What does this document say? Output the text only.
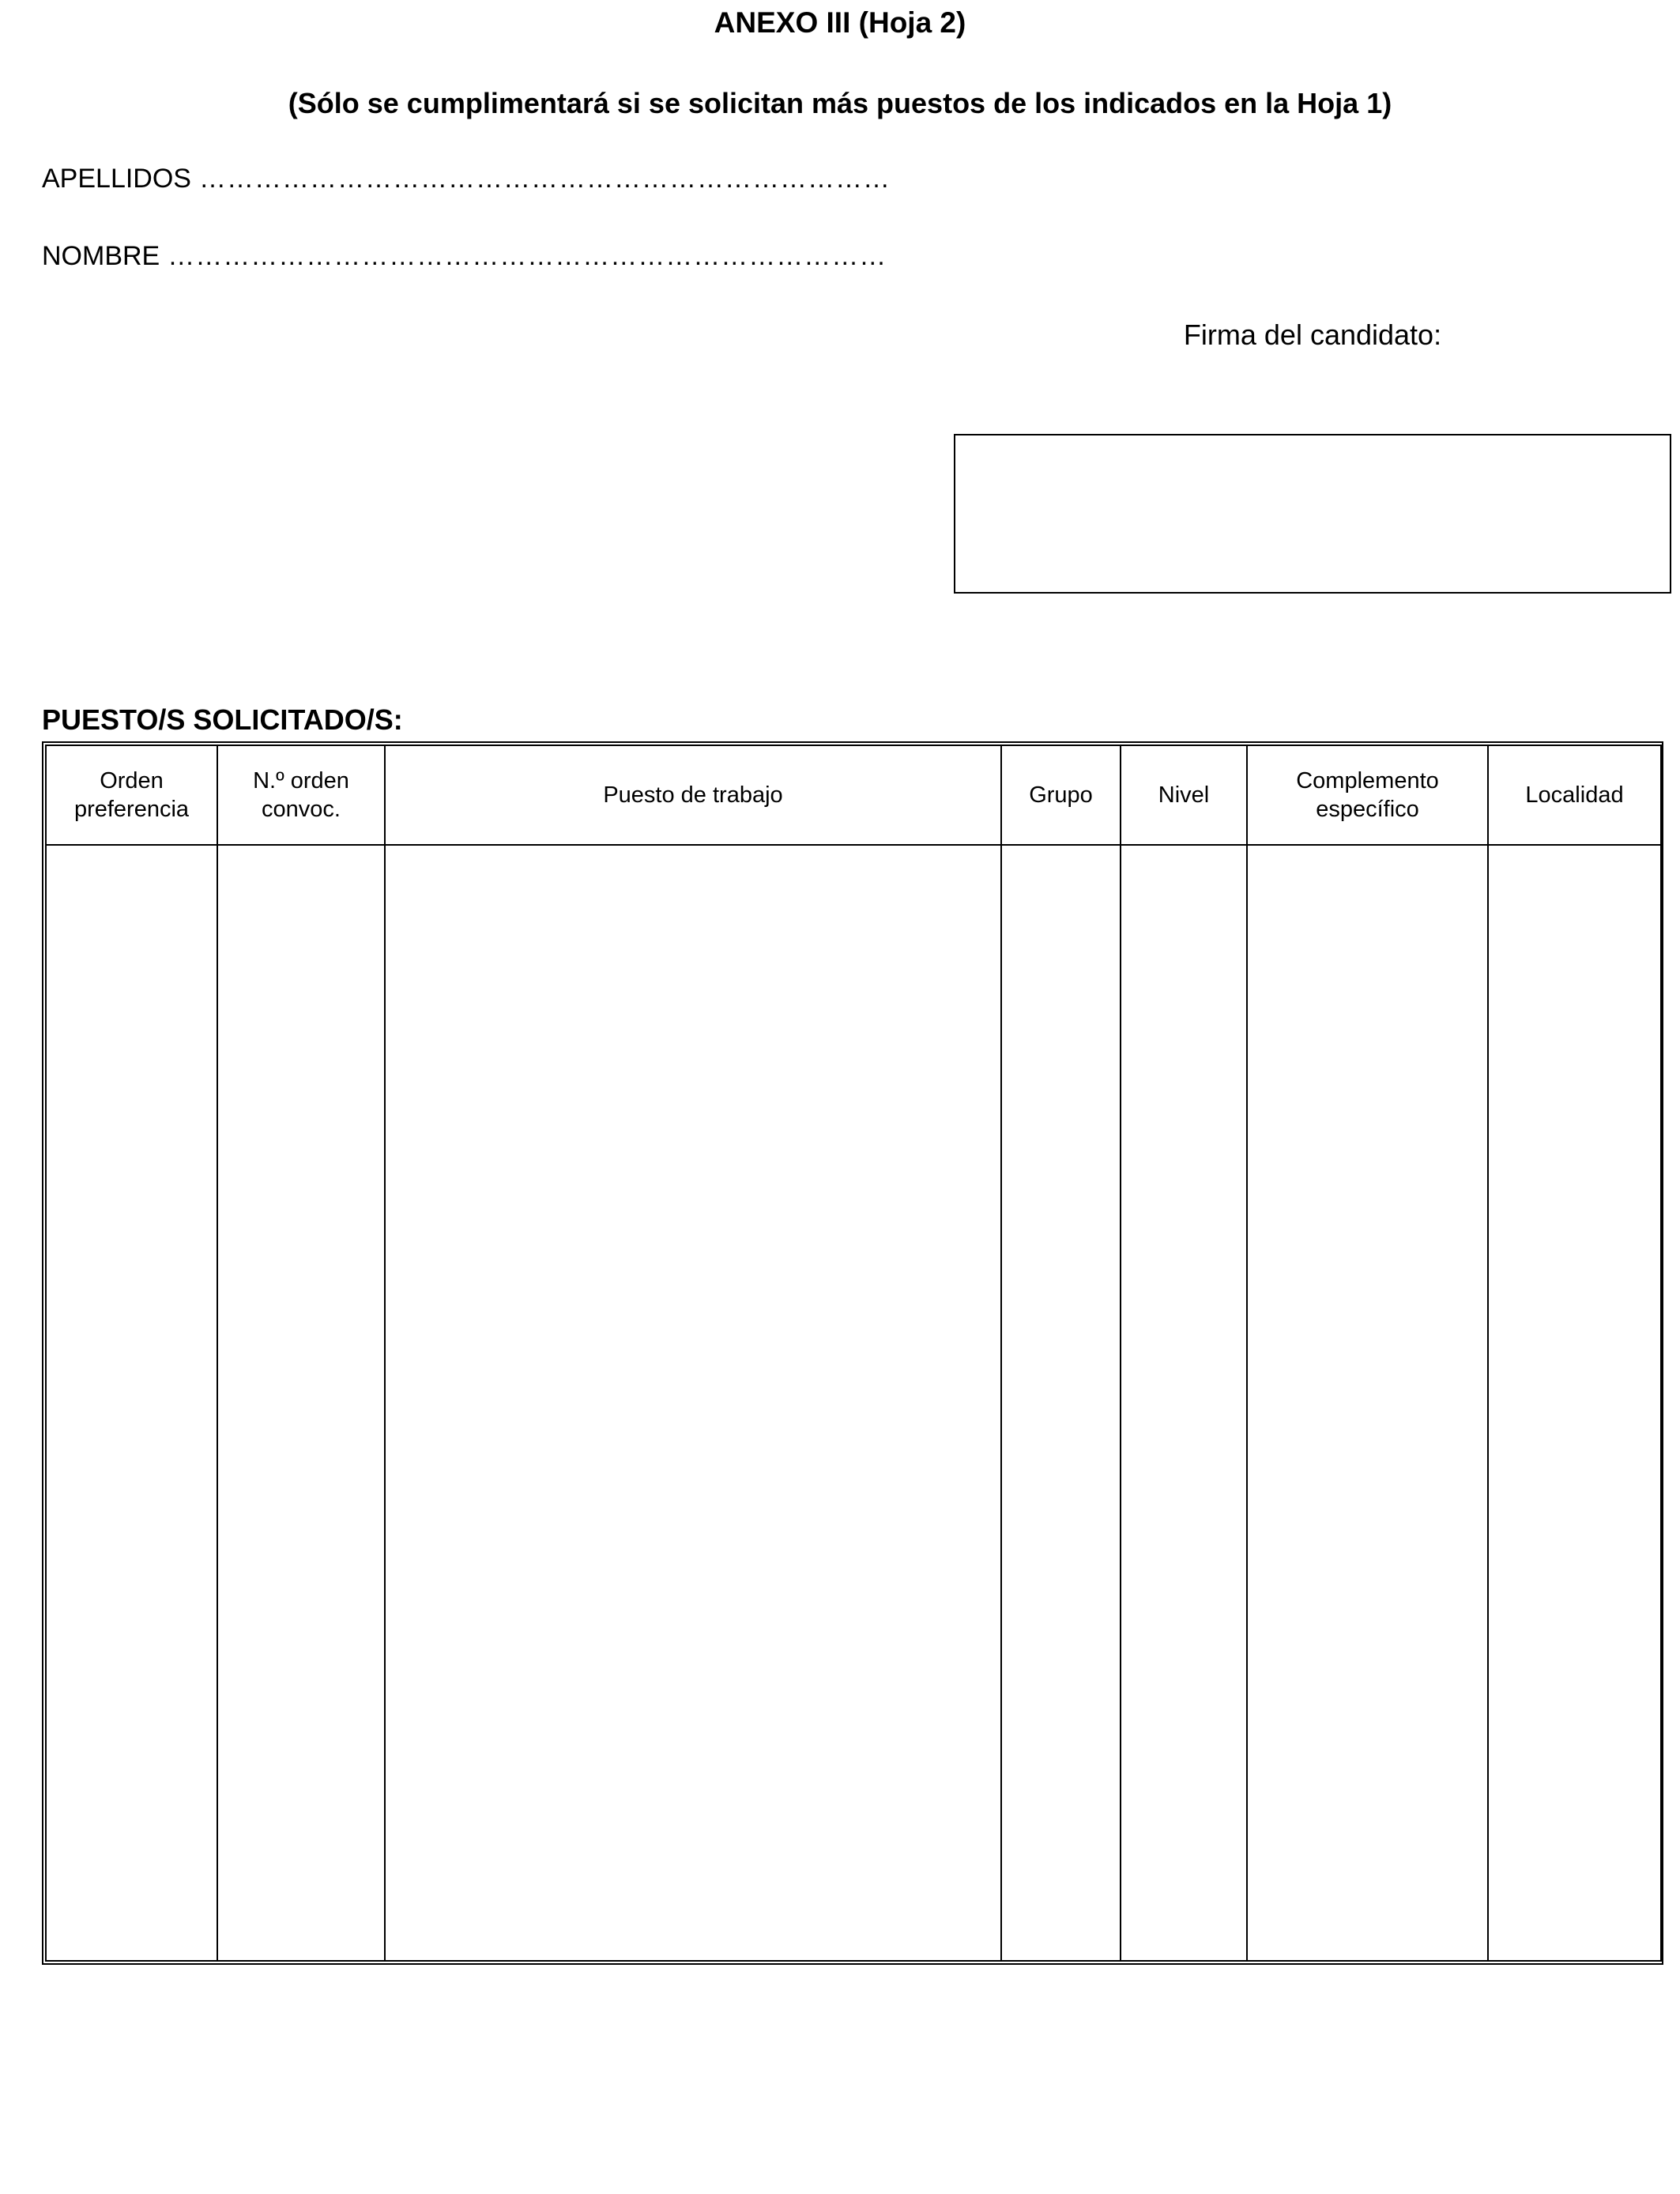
ANEXO III (Hoja 2)
(Sólo se cumplimentará si se solicitan más puestos de los indicados en la Hoja 1)
APELLIDOS …………………………………………………………………
NOMBRE ……………………………………………………………………
Firma del candidato:
PUESTO/S SOLICITADO/S:
Orden preferencia	N.º orden convoc.	Puesto de trabajo	Grupo	Nivel	Complemento específico	Localidad
